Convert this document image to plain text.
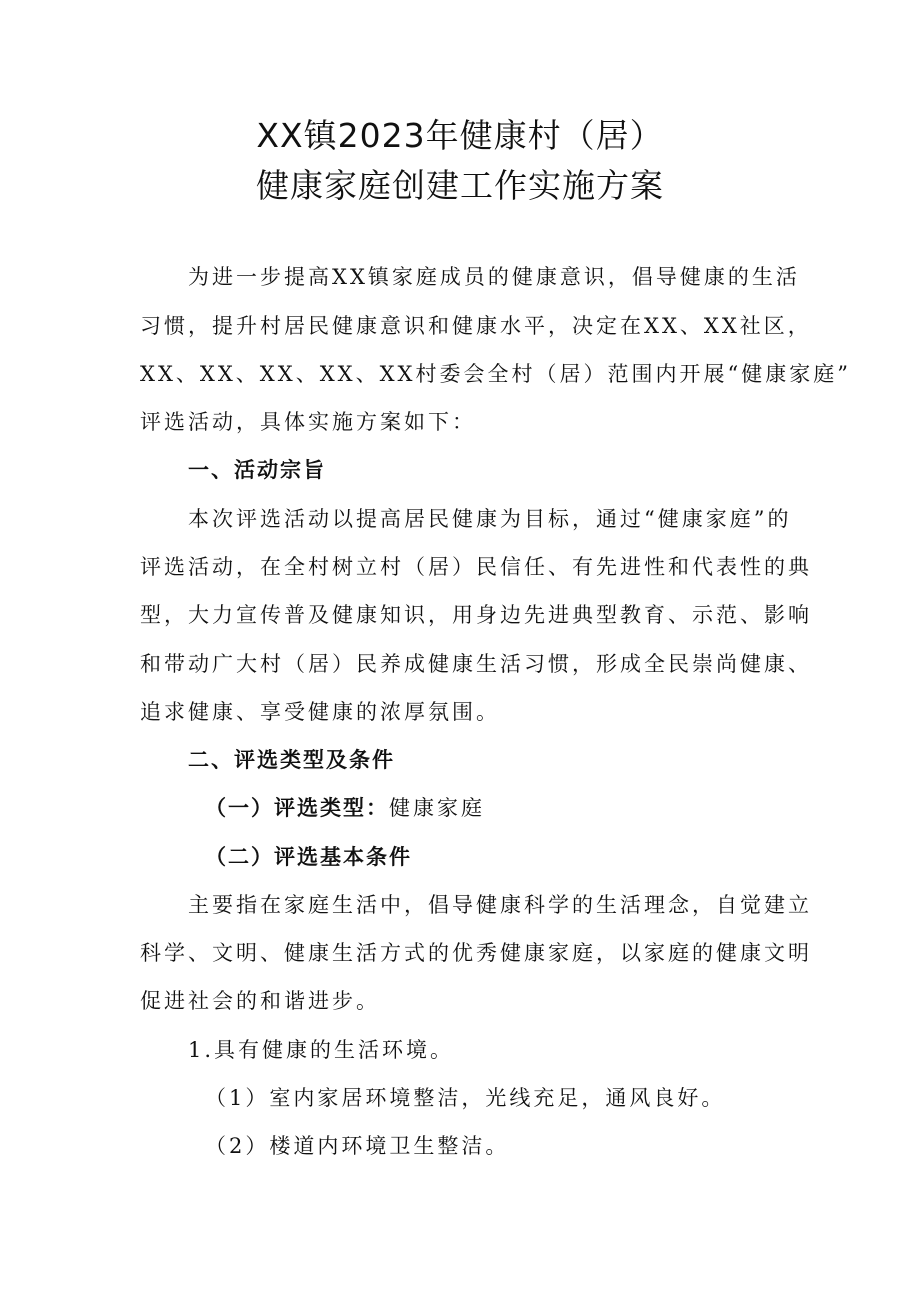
XX镇2023年健康村（居）
健康家庭创建工作实施方案
为进一步提高XX镇家庭成员的健康意识，倡导健康的生活
习惯，提升村居民健康意识和健康水平，决定在XX、XX社区，
XX、XX、XX、XX、XX村委会全村（居）范围内开展“健康家庭”
评选活动，具体实施方案如下：
一、活动宗旨
本次评选活动以提高居民健康为目标，通过“健康家庭”的
评选活动，在全村树立村（居）民信任、有先进性和代表性的典
型，大力宣传普及健康知识，用身边先进典型教育、示范、影响
和带动广大村（居）民养成健康生活习惯，形成全民崇尚健康、
追求健康、享受健康的浓厚氛围。
二、评选类型及条件
（一）评选类型：健康家庭
（二）评选基本条件
主要指在家庭生活中，倡导健康科学的生活理念，自觉建立
科学、文明、健康生活方式的优秀健康家庭，以家庭的健康文明
促进社会的和谐进步。
1.具有健康的生活环境。
（1）室内家居环境整洁，光线充足，通风良好。
（2）楼道内环境卫生整洁。
